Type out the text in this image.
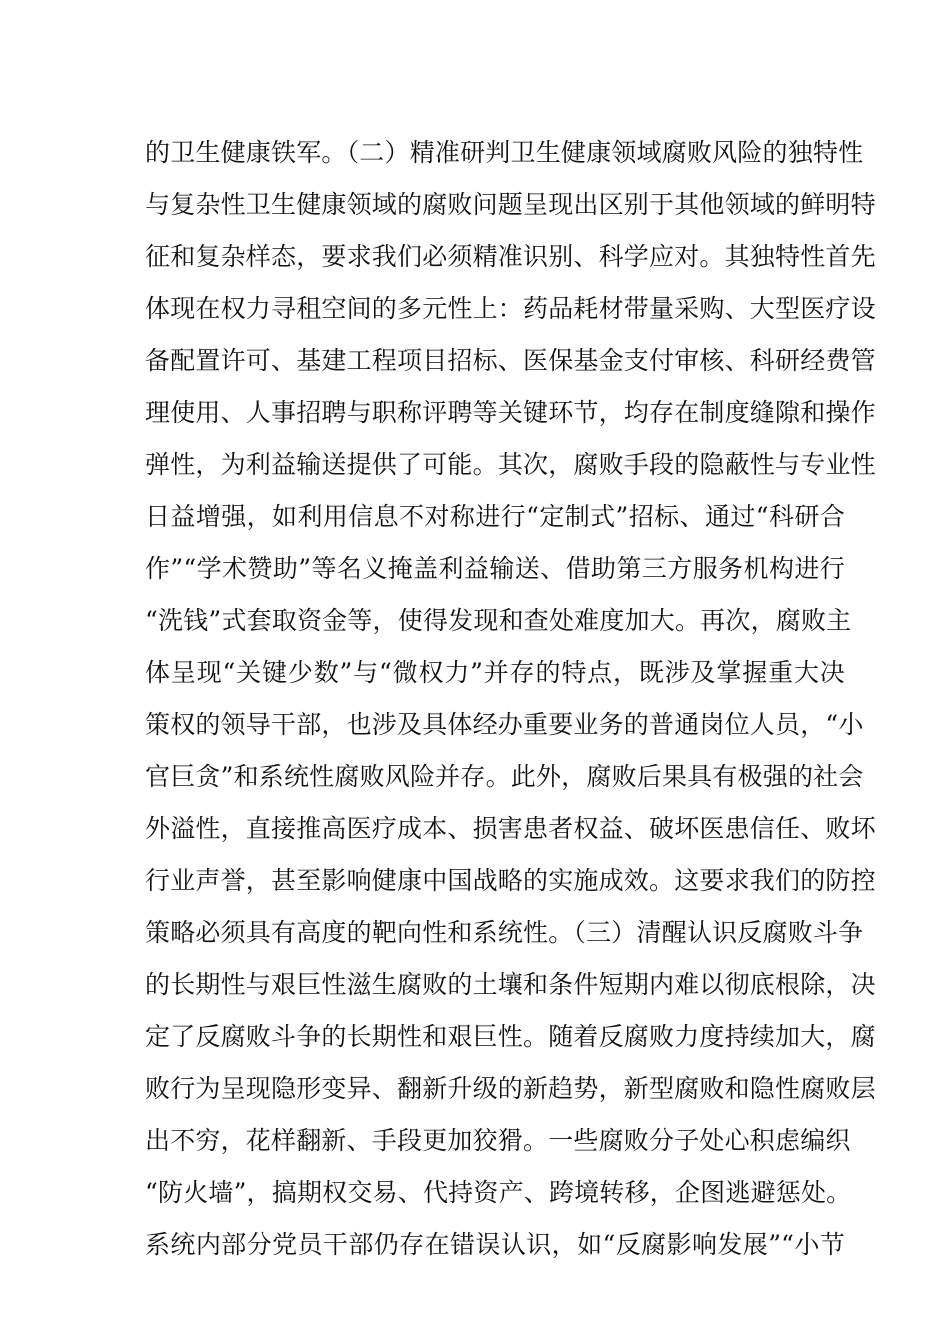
的卫生健康铁军。（二）精准研判卫生健康领域腐败风险的独特性
与复杂性卫生健康领域的腐败问题呈现出区别于其他领域的鲜明特
征和复杂样态，要求我们必须精准识别、科学应对。其独特性首先
体现在权力寻租空间的多元性上：药品耗材带量采购、大型医疗设
备配置许可、基建工程项目招标、医保基金支付审核、科研经费管
理使用、人事招聘与职称评聘等关键环节，均存在制度缝隙和操作
弹性，为利益输送提供了可能。其次，腐败手段的隐蔽性与专业性
日益增强，如利用信息不对称进行“定制式”招标、通过“科研合
作”“学术赞助”等名义掩盖利益输送、借助第三方服务机构进行
“洗钱”式套取资金等，使得发现和查处难度加大。再次，腐败主
体呈现“关键少数”与“微权力”并存的特点，既涉及掌握重大决
策权的领导干部，也涉及具体经办重要业务的普通岗位人员，“小
官巨贪”和系统性腐败风险并存。此外，腐败后果具有极强的社会
外溢性，直接推高医疗成本、损害患者权益、破坏医患信任、败坏
行业声誉，甚至影响健康中国战略的实施成效。这要求我们的防控
策略必须具有高度的靶向性和系统性。（三）清醒认识反腐败斗争
的长期性与艰巨性滋生腐败的土壤和条件短期内难以彻底根除，决
定了反腐败斗争的长期性和艰巨性。随着反腐败力度持续加大，腐
败行为呈现隐形变异、翻新升级的新趋势，新型腐败和隐性腐败层
出不穷，花样翻新、手段更加狡猾。一些腐败分子处心积虑编织
“防火墙”，搞期权交易、代持资产、跨境转移，企图逃避惩处。
系统内部分党员干部仍存在错误认识，如“反腐影响发展”“小节
